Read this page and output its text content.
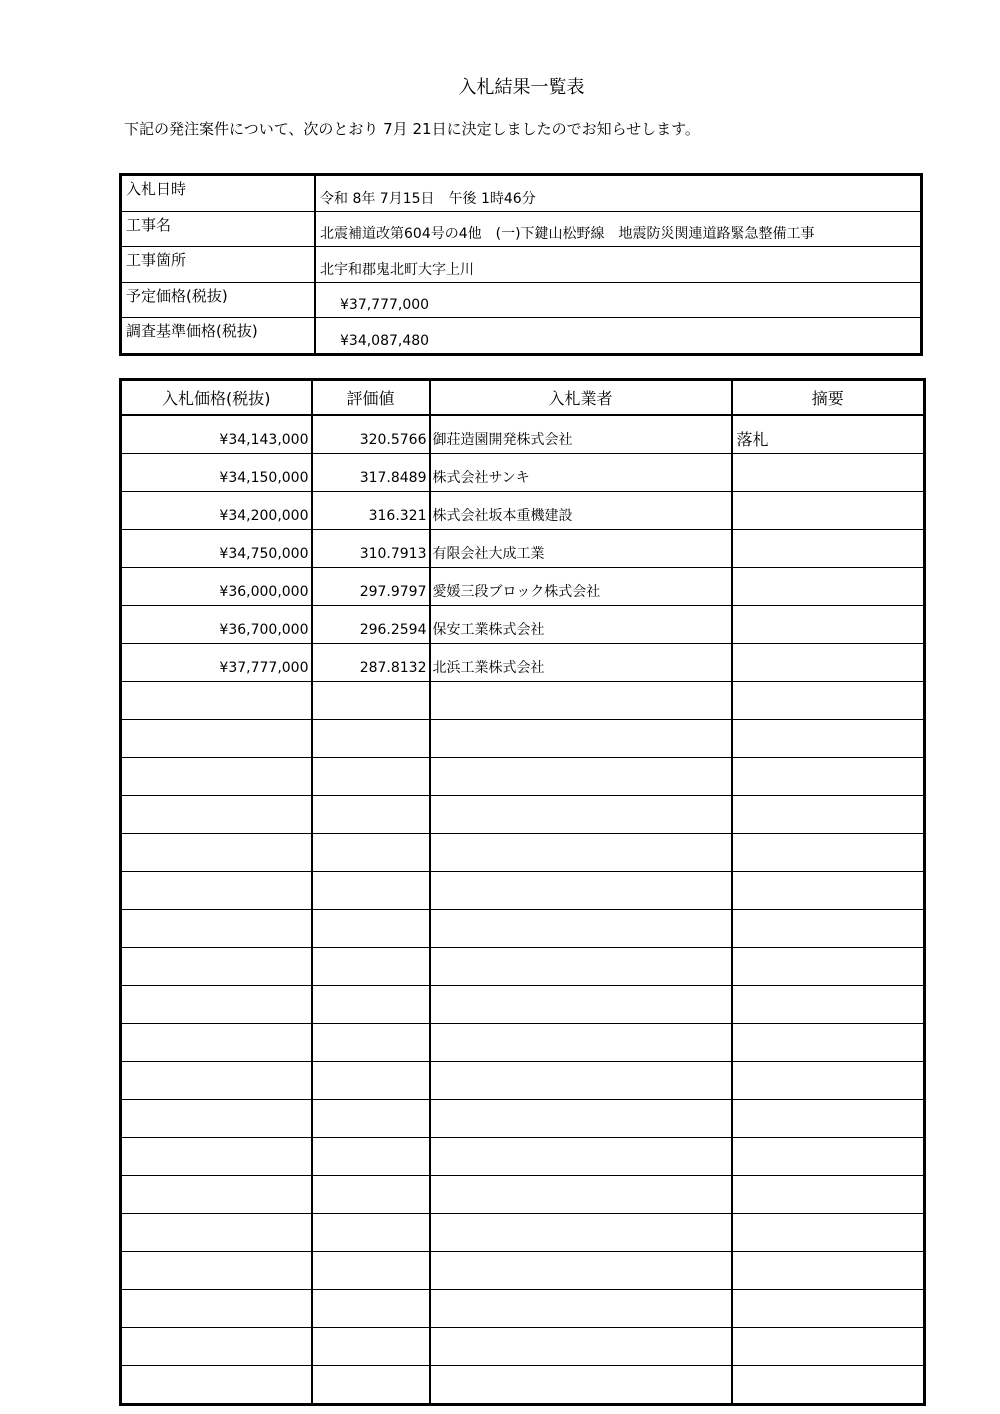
入札結果一覧表
下記の発注案件について、次のとおり 7月 21日に決定しましたのでお知らせします。
入札日時	令和 8年 7月15日　午後 1時46分
工事名	北震補道改第604号の4他　(一)下鍵山松野線　地震防災関連道路緊急整備工事
工事箇所	北宇和郡鬼北町大字上川
予定価格(税抜)	¥37,777,000
調査基準価格(税抜)	¥34,087,480
入札価格(税抜)	評価値	入札業者	摘要
¥34,143,000	320.5766	御荘造園開発株式会社	落札
¥34,150,000	317.8489	株式会社サンキ	
¥34,200,000	316.321	株式会社坂本重機建設	
¥34,750,000	310.7913	有限会社大成工業	
¥36,000,000	297.9797	愛媛三段ブロック株式会社	
¥36,700,000	296.2594	保安工業株式会社	
¥37,777,000	287.8132	北浜工業株式会社	
